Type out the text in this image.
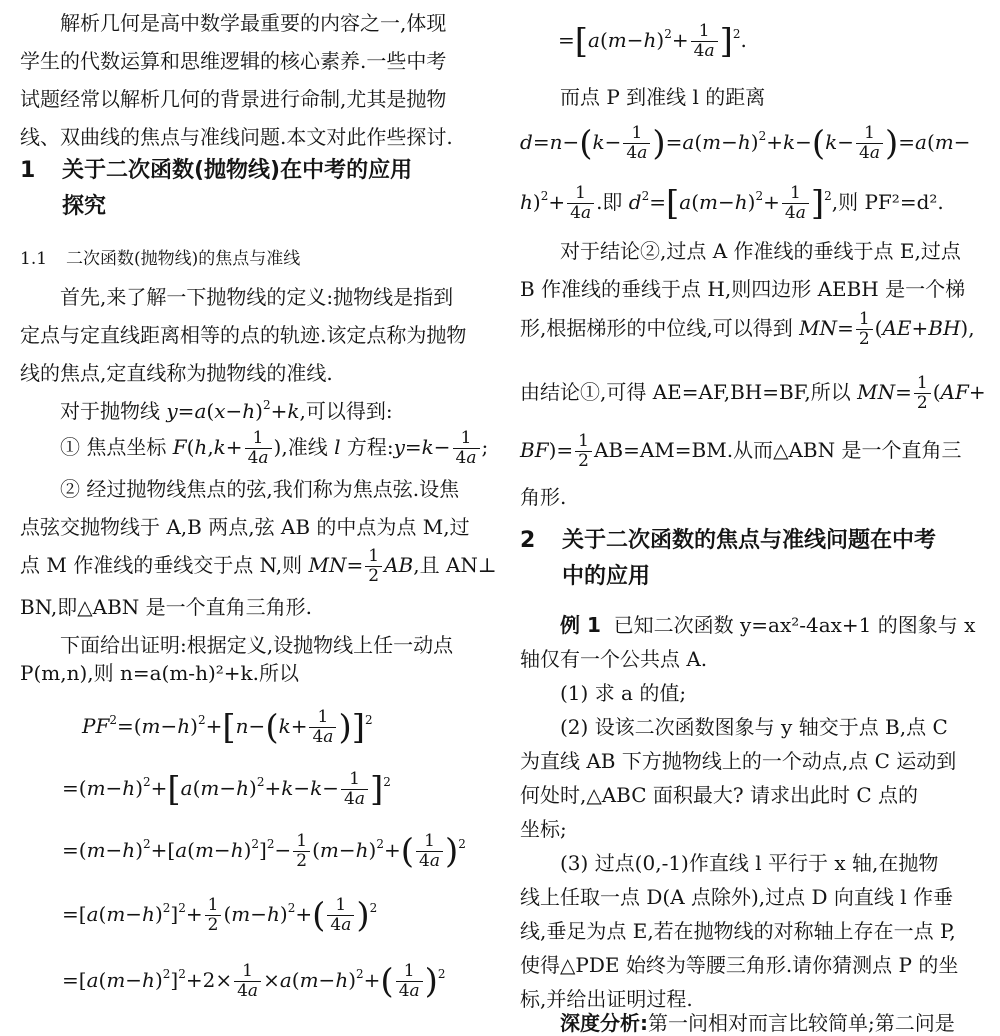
解析几何是高中数学最重要的内容之一,体现
学生的代数运算和思维逻辑的核心素养.一些中考
试题经常以解析几何的背景进行命制,尤其是抛物
线、双曲线的焦点与准线问题.本文对此作些探讨.
1 关于二次函数(抛物线)在中考的应用
探究
1.1 二次函数(抛物线)的焦点与准线
首先,来了解一下抛物线的定义:抛物线是指到
定点与定直线距离相等的点的轨迹.该定点称为抛物
线的焦点,定直线称为抛物线的准线.
对于抛物线 $y=a(x-h)^2+k$,可以得到:
① 焦点坐标 $F(h,k+ \frac{1}{4a}$ ),准线 l 方程:y=k− $\frac{1}{4a}$ ;
② 经过抛物线焦点的弦,我们称为焦点弦.设焦
点弦交抛物线于 A,B 两点,弦 AB 的中点为点 M,过
点 M 作准线的垂线交于点 N,则 $MN= \frac{1}{2}$ AB,且 AN⊥
BN,即△ABN 是一个直角三角形.
下面给出证明:根据定义,设抛物线上任一动点
P(m,n),则 n=a(m-h)²+k.所以
$PF^2=(m-h)^2+[n-(k+ \frac{1}{4a} )]^2$
$=(m-h)^2+[a(m-h)^2+k-k- \frac{1}{4a} ]^2$
$=(m-h)^2+[a(m-h)^2]^2- \frac{1}{2} (m-h)^2+( \frac{1}{4a} )^2$
$=[a(m-h)^2]^2+ \frac{1}{2} (m-h)^2+( \frac{1}{4a} )^2$
$=[a(m-h)^2]^2+2\times \frac{1}{4a} \times a(m-h)^2+( \frac{1}{4a} )^2$
$=[a(m-h)^2+ \frac{1}{4a} ]^2$.
而点 P 到准线 l 的距离
$d=n-(k- \frac{1}{4a} )=a(m-h)^2+k-(k- \frac{1}{4a} )=a(m-$
$h)^2+ \frac{1}{4a}$ .即 $d^2=[a(m-h)^2+ \frac{1}{4a} ]^2$,则 PF²=d².
对于结论②,过点 A 作准线的垂线于点 E,过点
B 作准线的垂线于点 H,则四边形 AEBH 是一个梯
形,根据梯形的中位线,可以得到 $MN= \frac{1}{2} (AE+BH)$,
由结论①,可得 AE=AF,BH=BF,所以 $MN= \frac{1}{2} (AF+$
$BF)= \frac{1}{2} AB=AM=BM$.从而△ABN 是一个直角三
角形.
2 关于二次函数的焦点与准线问题在中考
中的应用
例 1 已知二次函数 y=ax²-4ax+1 的图象与 x
轴仅有一个公共点 A.
(1) 求 a 的值;
(2) 设该二次函数图象与 y 轴交于点 B,点 C
为直线 AB 下方抛物线上的一个动点,点 C 运动到
何处时,△ABC 面积最大? 请求出此时 C 点的
坐标;
(3) 过点(0,-1)作直线 l 平行于 x 轴,在抛物
线上任取一点 D(A 点除外),过点 D 向直线 l 作垂
线,垂足为点 E,若在抛物线的对称轴上存在一点 P,
使得△PDE 始终为等腰三角形.请你猜测点 P 的坐
标,并给出证明过程.
深度分析:第一问相对而言比较简单;第二问是
